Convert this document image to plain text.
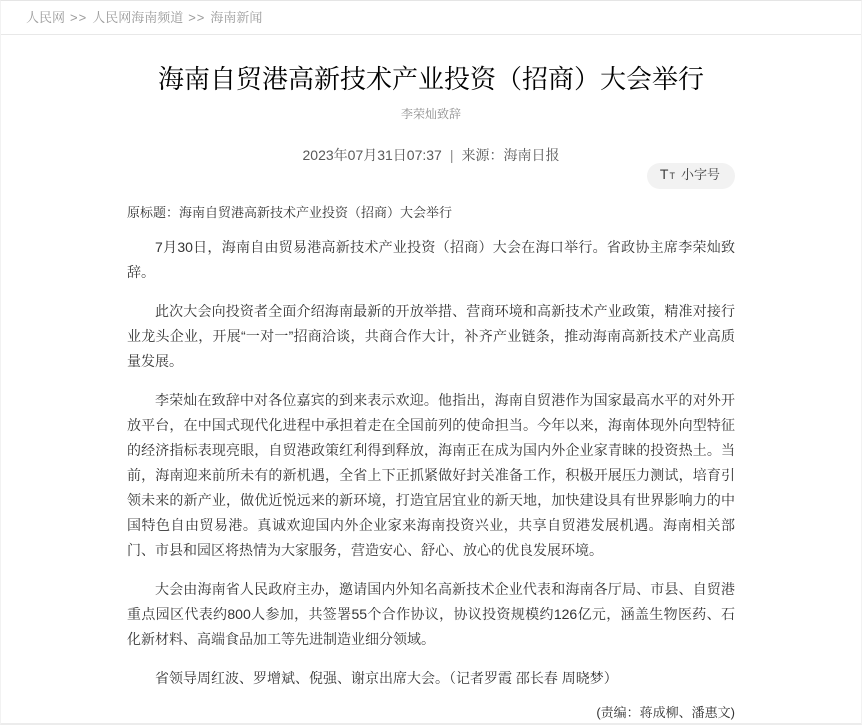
人民网 >> 人民网海南频道 >> 海南新闻
海南自贸港高新技术产业投资（招商）大会举行
李荣灿致辞
2023年07月31日07:37 | 来源：海南日报
T T 小字号
原标题：海南自贸港高新技术产业投资（招商）大会举行

7月30日，海南自由贸易港高新技术产业投资（招商）大会在海口举行。省政协主席李荣灿致辞。

此次大会向投资者全面介绍海南最新的开放举措、营商环境和高新技术产业政策，精准对接行业龙头企业，开展“一对一”招商洽谈，共商合作大计，补齐产业链条，推动海南高新技术产业高质量发展。

李荣灿在致辞中对各位嘉宾的到来表示欢迎。他指出，海南自贸港作为国家最高水平的对外开放平台，在中国式现代化进程中承担着走在全国前列的使命担当。今年以来，海南体现外向型特征的经济指标表现亮眼，自贸港政策红利得到释放，海南正在成为国内外企业家青睐的投资热土。当前，海南迎来前所未有的新机遇，全省上下正抓紧做好封关准备工作，积极开展压力测试，培育引领未来的新产业，做优近悦远来的新环境，打造宜居宜业的新天地，加快建设具有世界影响力的中国特色自由贸易港。真诚欢迎国内外企业家来海南投资兴业，共享自贸港发展机遇。海南相关部门、市县和园区将热情为大家服务，营造安心、舒心、放心的优良发展环境。

大会由海南省人民政府主办，邀请国内外知名高新技术企业代表和海南各厅局、市县、自贸港重点园区代表约800人参加，共签署55个合作协议，协议投资规模约126亿元，涵盖生物医药、石化新材料、高端食品加工等先进制造业细分领域。

省领导周红波、罗增斌、倪强、谢京出席大会。（记者罗霞 邵长春 周晓梦）

(责编：蒋成柳、潘惠文)
